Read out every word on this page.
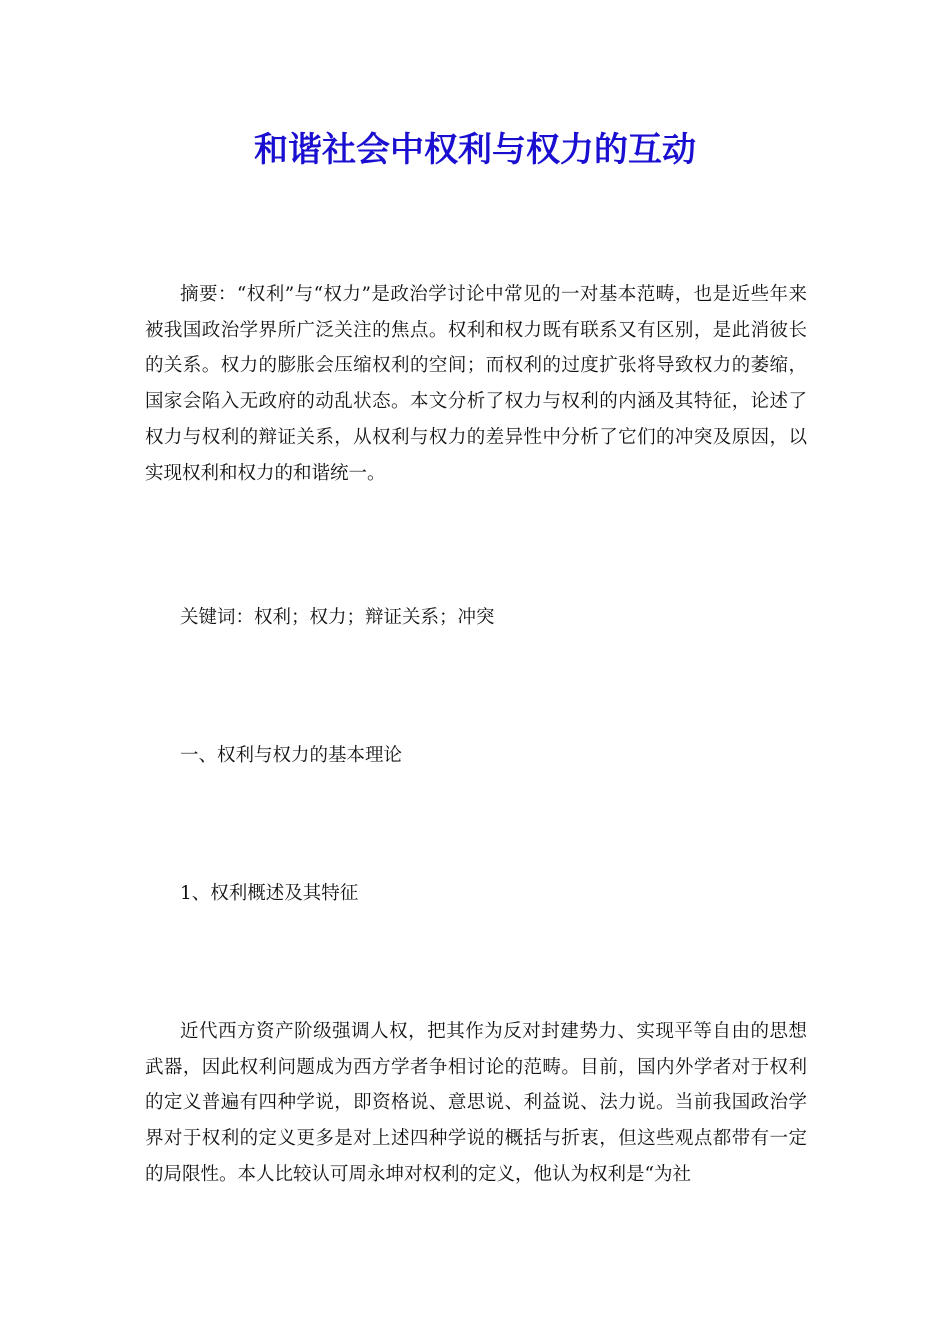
和谐社会中权利与权力的互动

摘要：“权利”与“权力”是政治学讨论中常见的一对基本范畴，也是近些年来被我国政治学界所广泛关注的焦点。权利和权力既有联系又有区别，是此消彼长的关系。权力的膨胀会压缩权利的空间；而权利的过度扩张将导致权力的萎缩，国家会陷入无政府的动乱状态。本文分析了权力与权利的内涵及其特征，论述了权力与权利的辩证关系，从权利与权力的差异性中分析了它们的冲突及原因，以实现权利和权力的和谐统一。

关键词：权利；权力；辩证关系；冲突

一、权利与权力的基本理论

1、权利概述及其特征

近代西方资产阶级强调人权，把其作为反对封建势力、实现平等自由的思想武器，因此权利问题成为西方学者争相讨论的范畴。目前，国内外学者对于权利的定义普遍有四种学说，即资格说、意思说、利益说、法力说。当前我国政治学界对于权利的定义更多是对上述四种学说的概括与折衷，但这些观点都带有一定的局限性。本人比较认可周永坤对权利的定义，他认为权利是“为社
